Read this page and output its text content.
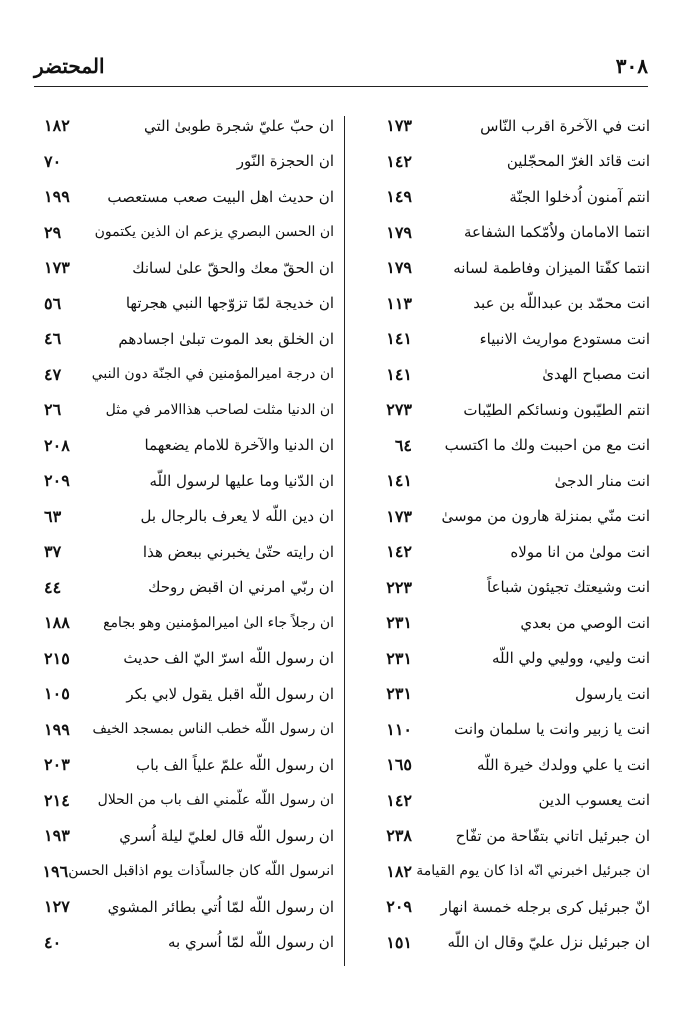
٣٠٨
المحتضر
انت في الآخرة اقرب النّاس
١٧٣
انت قائد الغرّ المحجّلين
١٤٢
انتم آمنون اُدخلوا الجنّة
١٤٩
انتما الامامان ولاُمّكما الشفاعة
١٧٩
انتما كفّتا الميزان وفاطمة لسانه
١٧٩
انت محمّد بن عبداللّه بن عبد
١١٣
انت مستودع مواريث الانبياء
١٤١
انت مصباح الهدىٰ
١٤١
انتم الطيّبون ونسائكم الطيّبات
٢٧٣
انت مع من احببت ولك ما اكتسب
٦٤
انت منار الدجىٰ
١٤١
انت منّي بمنزلة هارون من موسىٰ
١٧٣
انت مولىٰ من انا مولاه
١٤٢
انت وشيعتك تجيئون شباعاً
٢٢٣
انت الوصي من بعدي
٢٣١
انت وليي، ووليي ولي اللّه
٢٣١
انت يارسول
٢٣١
انت يا زبير وانت يا سلمان وانت
١١٠
انت يا علي وولدك خيرة اللّه
١٦٥
انت يعسوب الدين
١٤٢
ان جبرئيل اتاني بتفّاحة من تفّاح
٢٣٨
ان جبرئيل اخبرني انّه اذا كان يوم القيامة
١٨٢
انّ جبرئيل كرى برجله خمسة انهار
٢٠٩
ان جبرئيل نزل عليّ وقال ان اللّه
١٥١
ان حبّ عليّ شجرة طوبىٰ التي
١٨٢
ان الحجزة النّور
٧٠
ان حديث اهل البيت صعب مستعصب
١٩٩
ان الحسن البصري يزعم ان الذين يكتمون
٢٩
ان الحقّ معك والحقّ علىٰ لسانك
١٧٣
ان خديجة لمّا تزوّجها النبي هجرتها
٥٦
ان الخلق بعد الموت تبلىٰ اجسادهم
٤٦
ان درجة اميرالمؤمنين في الجنّة دون النبي
٤٧
ان الدنيا مثلت لصاحب هذاالامر في مثل
٢٦
ان الدنيا والآخرة للامام يضعهما
٢٠٨
ان الدّنيا وما عليها لرسول اللّه
٢٠٩
ان دين اللّه لا يعرف بالرجال بل
٦٣
ان رايته حتّىٰ يخبرني ببعض هذا
٣٧
ان ربّي امرني ان اقبض روحك
٤٤
ان رجلاً جاء الىٰ اميرالمؤمنين وهو بجامع
١٨٨
ان رسول اللّه اسرّ اليّ الف حديث
٢١٥
ان رسول اللّه اقبل يقول لابي بكر
١٠٥
ان رسول اللّه خطب الناس بمسجد الخيف
١٩٩
ان رسول اللّه علمّ علياً الف باب
٢٠٣
ان رسول اللّه علّمني الف باب من الحلال
٢١٤
ان رسول اللّه قال لعليّ ليلة اُسري
١٩٣
انرسول اللّه كان جالساًذات يوم اذاقبل الحسن
١٩٦
ان رسول اللّه لمّا اُتي بطائر المشوي
١٢٧
ان رسول اللّه لمّا اُسري به
٤٠
